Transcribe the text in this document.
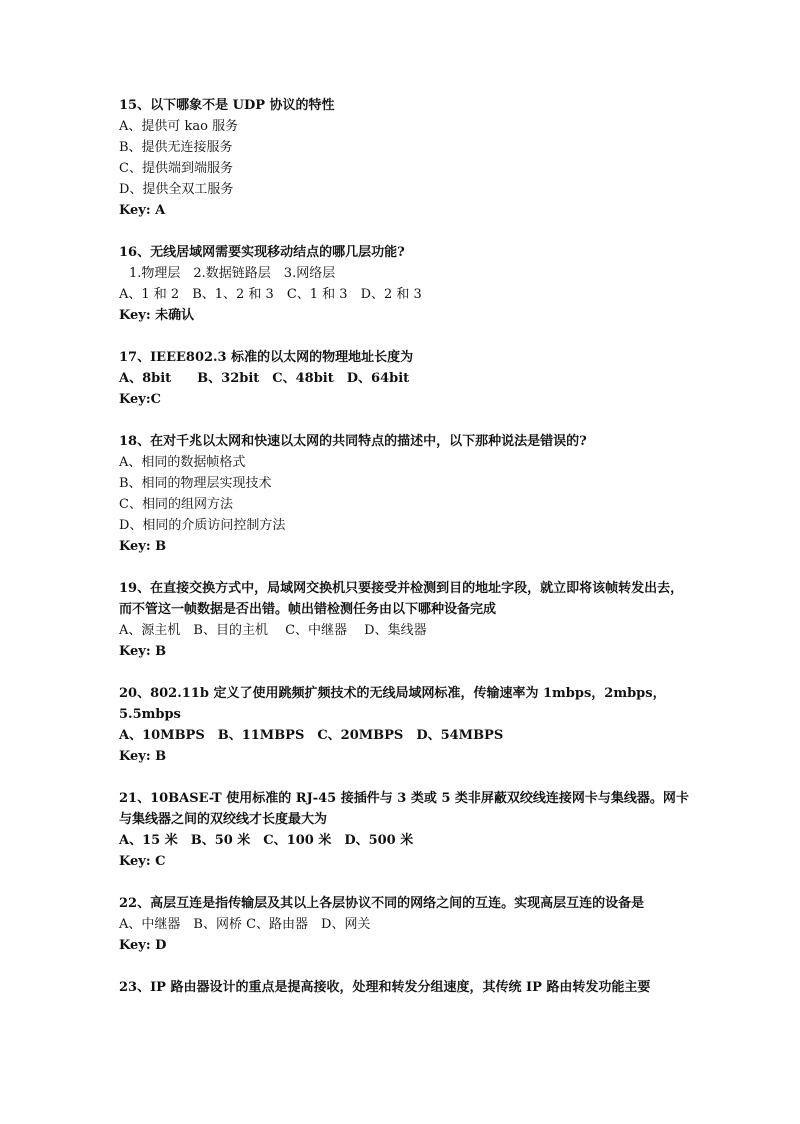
15、以下哪象不是 UDP 协议的特性
A、提供可 kao 服务
B、提供无连接服务
C、提供端到端服务
D、提供全双工服务
Key: A
16、无线居域网需要实现移动结点的哪几层功能?
1.物理层　2.数据链路层　3.网络层
A、1 和 2　B、1、2 和 3　C、1 和 3　D、2 和 3
Key: 未确认
17、IEEE802.3 标准的以太网的物理地址长度为
A、8bit　　B、32bit　C、48bit　D、64bit
Key:C
18、在对千兆以太网和快速以太网的共同特点的描述中，以下那种说法是错误的?
A、相同的数据帧格式
B、相同的物理层实现技术
C、相同的组网方法
D、相同的介质访问控制方法
Key: B
19、在直接交换方式中，局域网交换机只要接受并检测到目的地址字段，就立即将该帧转发出去，而不管这一帧数据是否出错。帧出错检测任务由以下哪种设备完成
A、源主机　B、目的主机　 C、中继器　 D、集线器
Key: B
20、802.11b 定义了使用跳频扩频技术的无线局域网标准，传输速率为 1mbps，2mbps，5.5mbps
A、10MBPS　B、11MBPS　C、20MBPS　D、54MBPS
Key: B
21、10BASE-T 使用标准的 RJ-45 接插件与 3 类或 5 类非屏蔽双绞线连接网卡与集线器。网卡与集线器之间的双绞线才长度最大为
A、15 米　B、50 米　C、100 米　D、500 米
Key: C
22、高层互连是指传输层及其以上各层协议不同的网络之间的互连。实现高层互连的设备是
A、中继器　B、网桥 C、路由器　D、网关
Key: D
23、IP 路由器设计的重点是提高接收，处理和转发分组速度，其传统 IP 路由转发功能主要
